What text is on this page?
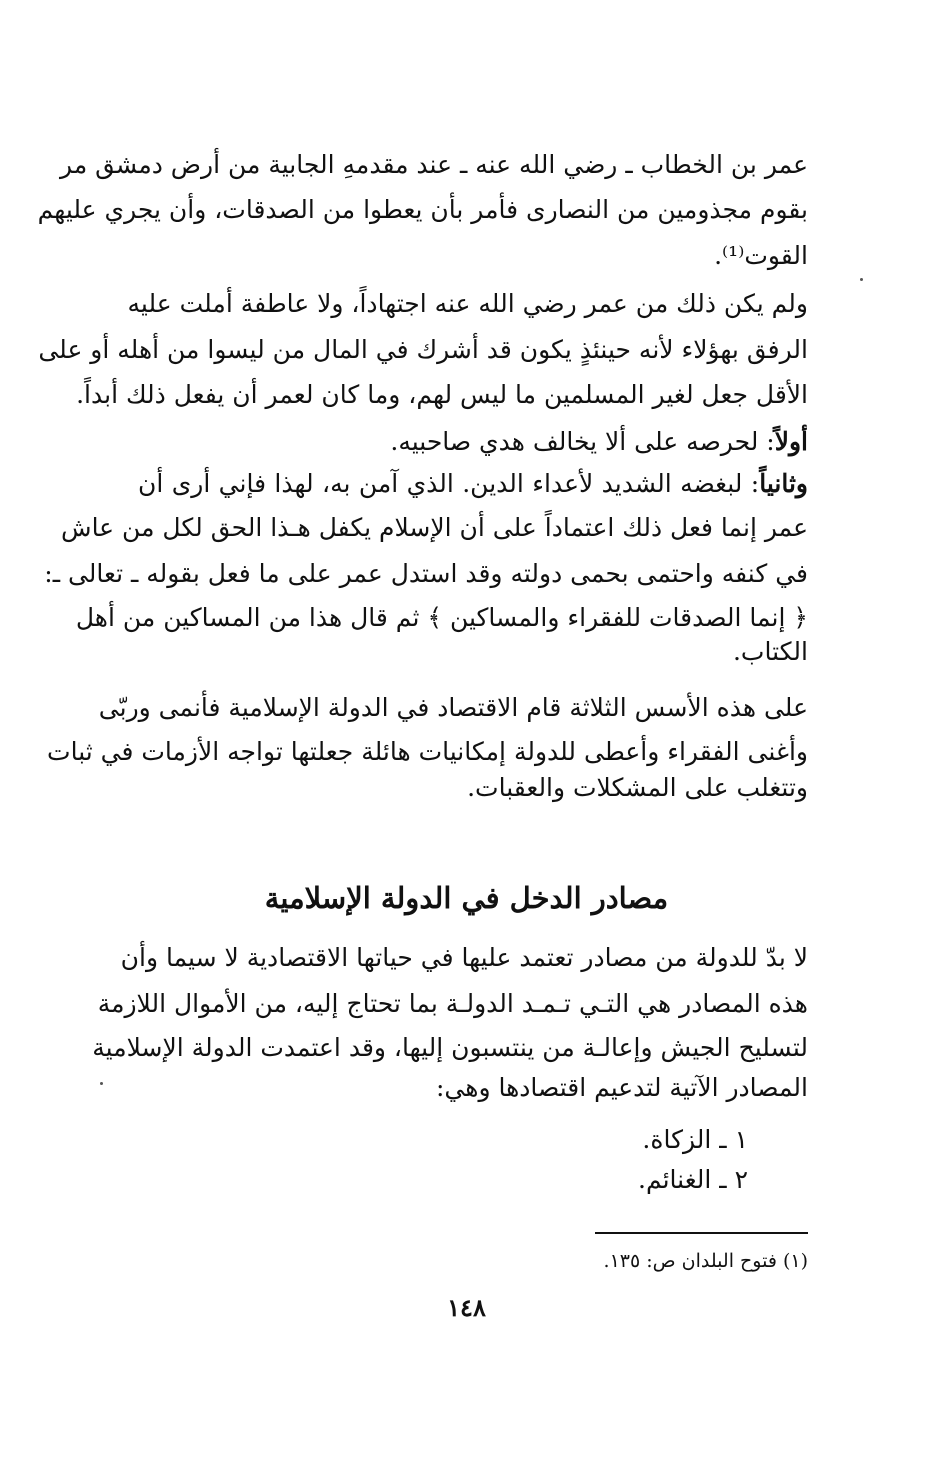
عمر بن الخطاب ـ رضي الله عنه ـ عند مقدمهِ الجابية من أرض دمشق مر
بقوم مجذومين من النصارى فأمر بأن يعطوا من الصدقات، وأن يجري عليهم
القوت⁽¹⁾.
ولم يكن ذلك من عمر رضي الله عنه اجتهاداً، ولا عاطفة أملت عليه
الرفق بهؤلاء لأنه حينئذٍ يكون قد أشرك في المال من ليسوا من أهله أو على
الأقل جعل لغير المسلمين ما ليس لهم، وما كان لعمر أن يفعل ذلك أبداً.
أولاً: لحرصه على ألا يخالف هدي صاحبيه.
وثانياً: لبغضه الشديد لأعداء الدين. الذي آمن به، لهذا فإني أرى أن
عمر إنما فعل ذلك اعتماداً على أن الإسلام يكفل هـذا الحق لكل من عاش
في كنفه واحتمى بحمى دولته وقد استدل عمر على ما فعل بقوله ـ تعالى ـ:
﴿ إنما الصدقات للفقراء والمساكين ﴾ ثم قال هذا من المساكين من أهل
الكتاب.
على هذه الأسس الثلاثة قام الاقتصاد في الدولة الإسلامية فأنمى وربّى
وأغنى الفقراء وأعطى للدولة إمكانيات هائلة جعلتها تواجه الأزمات في ثبات
وتتغلب على المشكلات والعقبات.
مصادر الدخل في الدولة الإسلامية
لا بدّ للدولة من مصادر تعتمد عليها في حياتها الاقتصادية لا سيما وأن
هذه المصادر هي التـي تـمـد الدولـة بما تحتاج إليه، من الأموال اللازمة
لتسليح الجيش وإعالـة من ينتسبون إليها، وقد اعتمدت الدولة الإسلامية
المصادر الآتية لتدعيم اقتصادها وهي:
١ ـ الزكاة.
٢ ـ الغنائم.
(١) فتوح البلدان ص: ١٣٥.
١٤٨
